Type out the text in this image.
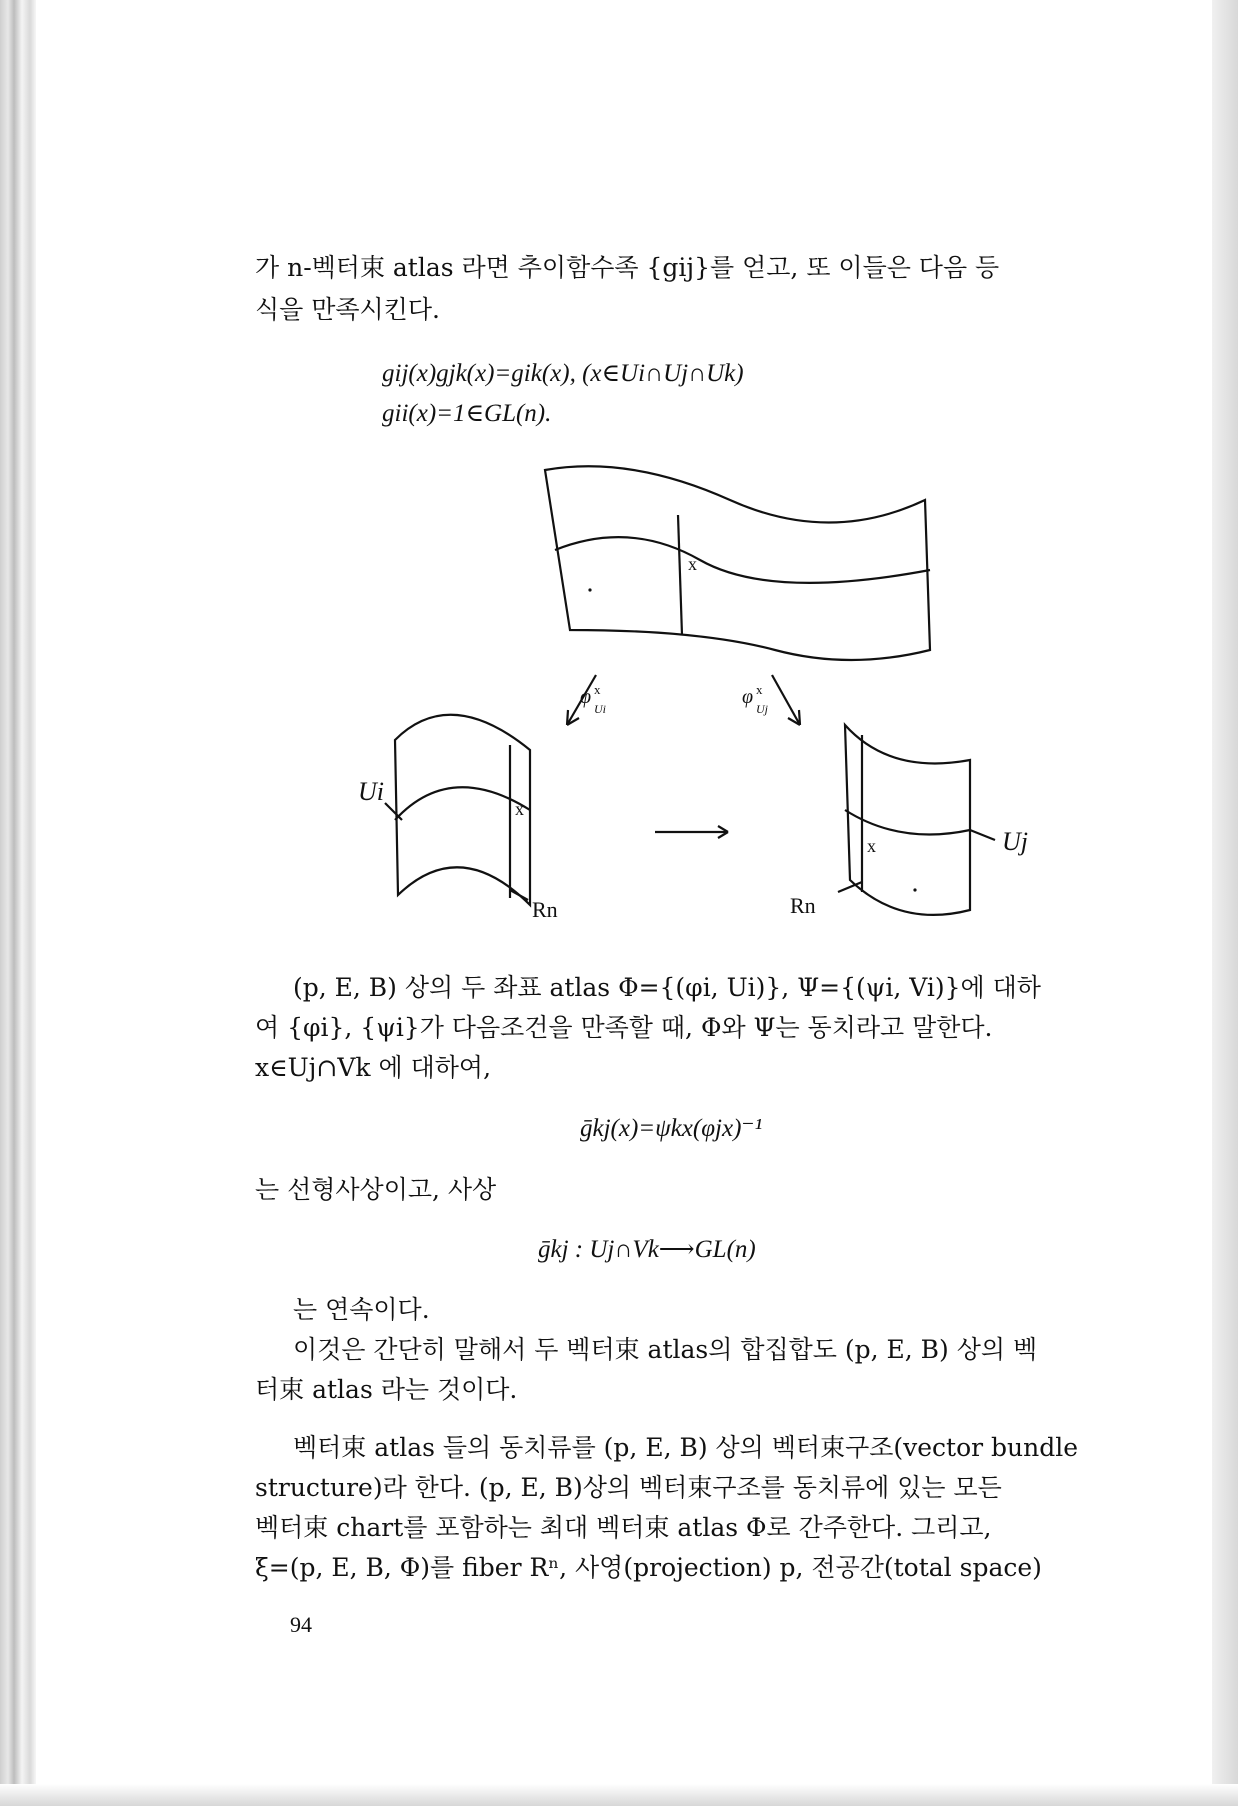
가 n-벡터束 atlas 라면 추이함수족 {gij}를 얻고, 또 이들은 다음 등
식을 만족시킨다.
gij(x)gjk(x)=gik(x), (x∈Ui∩Uj∩Uk)
gii(x)=1∈GL(n).
x
x
x
φ x
Ui
φ x
Uj
Ui
Uj
Rn	Rn
(p, E, B) 상의 두 좌표 atlas Φ={(φi, Ui)}, Ψ={(ψi, Vi)}에 대하
여 {φi}, {ψi}가 다음조건을 만족할 때, Φ와 Ψ는 동치라고 말한다.
x∈Uj∩Vk 에 대하여,
ḡkj(x)=ψkx(φjx)⁻¹
는 선형사상이고, 사상
ḡkj : Uj∩Vk⟶GL(n)
는 연속이다.
이것은 간단히 말해서 두 벡터束 atlas의 합집합도 (p, E, B) 상의 벡
터束 atlas 라는 것이다.
벡터束 atlas 들의 동치류를 (p, E, B) 상의 벡터束구조(vector bundle
structure)라 한다. (p, E, B)상의 벡터束구조를 동치류에 있는 모든
벡터束 chart를 포함하는 최대 벡터束 atlas Φ로 간주한다. 그리고,
ξ=(p, E, B, Φ)를 fiber Rⁿ, 사영(projection) p, 전공간(total space)
94
